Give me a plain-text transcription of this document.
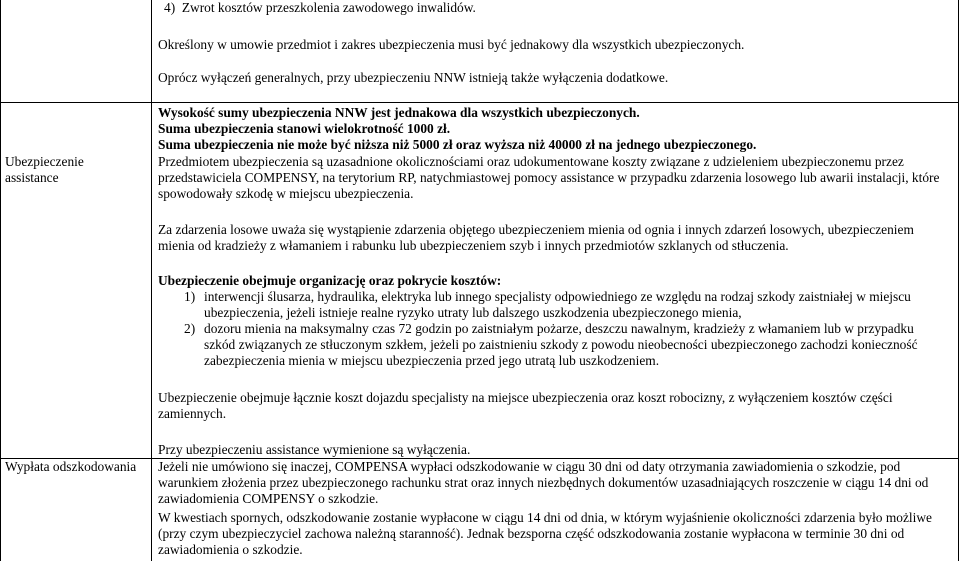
4)  Zwrot kosztów przeszkolenia zawodowego inwalidów.

Określony w umowie przedmiot i zakres ubezpieczenia musi być jednakowy dla wszystkich ubezpieczonych.

Oprócz wyłączeń generalnych, przy ubezpieczeniu NNW istnieją także wyłączenia dodatkowe.

Ubezpieczenie
assistance
Wysokość sumy ubezpieczenia NNW jest jednakowa dla wszystkich ubezpieczonych.
Suma ubezpieczenia stanowi wielokrotność 1000 zł.
Suma ubezpieczenia nie może być niższa niż 5000 zł oraz wyższa niż 40000 zł na jednego ubezpieczonego.

Przedmiotem ubezpieczenia są uzasadnione okolicznościami oraz udokumentowane koszty związane z udzieleniem ubezpieczonemu przez przedstawiciela COMPENSY, na terytorium RP, natychmiastowej pomocy assistance w przypadku zdarzenia losowego lub awarii instalacji, które spowodowały szkodę w miejscu ubezpieczenia.

Za zdarzenia losowe uważa się wystąpienie zdarzenia objętego ubezpieczeniem mienia od ognia i innych zdarzeń losowych, ubezpieczeniem mienia od kradzieży z włamaniem i rabunku lub ubezpieczeniem szyb i innych przedmiotów szklanych od stłuczenia.

Ubezpieczenie obejmuje organizację oraz pokrycie kosztów:
1) interwencji ślusarza, hydraulika, elektryka lub innego specjalisty odpowiedniego ze względu na rodzaj szkody zaistniałej w miejscu ubezpieczenia, jeżeli istnieje realne ryzyko utraty lub dalszego uszkodzenia ubezpieczonego mienia,
2) dozoru mienia na maksymalny czas 72 godzin po zaistniałym pożarze, deszczu nawalnym, kradzieży z włamaniem lub w przypadku szkód związanych ze stłuczonym szkłem, jeżeli po zaistnieniu szkody z powodu nieobecności ubezpieczonego zachodzi konieczność zabezpieczenia mienia w miejscu ubezpieczenia przed jego utratą lub uszkodzeniem.

Ubezpieczenie obejmuje łącznie koszt dojazdu specjalisty na miejsce ubezpieczenia oraz koszt robocizny, z wyłączeniem kosztów części zamiennych.

Przy ubezpieczeniu assistance wymienione są wyłączenia.

Wypłata odszkodowania	Jeżeli nie umówiono się inaczej, COMPENSA wypłaci odszkodowanie w ciągu 30 dni od daty otrzymania zawiadomienia o szkodzie, pod warunkiem złożenia przez ubezpieczonego rachunku strat oraz innych niezbędnych dokumentów uzasadniających roszczenie w ciągu 14 dni od zawiadomienia COMPENSY o szkodzie.

W kwestiach spornych, odszkodowanie zostanie wypłacone w ciągu 14 dni od dnia, w którym wyjaśnienie okoliczności zdarzenia było możliwe (przy czym ubezpieczyciel zachowa należną staranność). Jednak bezsporna część odszkodowania zostanie wypłacona w terminie 30 dni od zawiadomienia o szkodzie.
